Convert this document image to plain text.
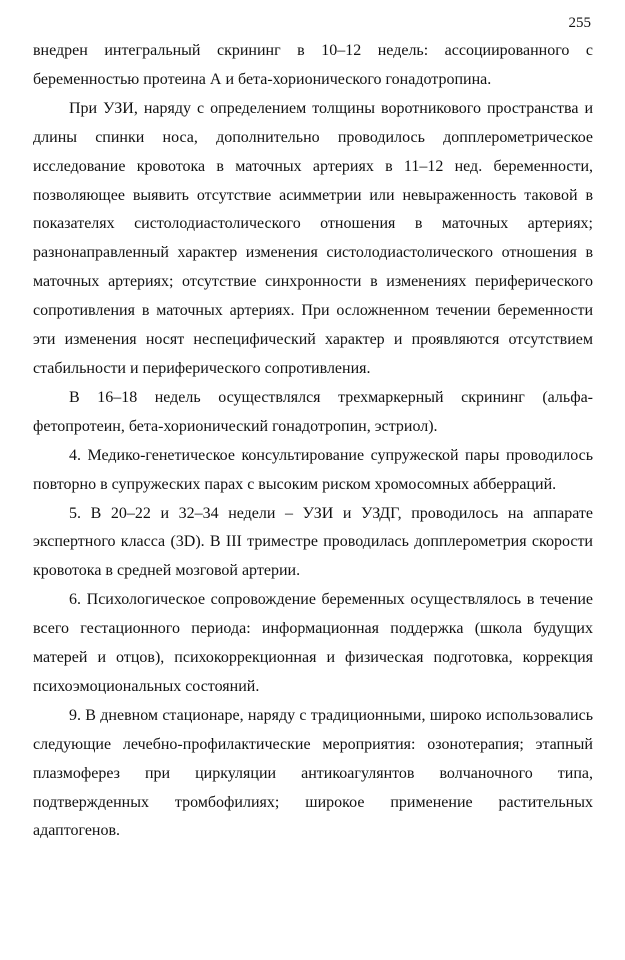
255

внедрен интегральный скрининг в 10–12 недель: ассоциированного с беременностью протеина А и бета-хорионического гонадотропина.

При УЗИ, наряду с определением толщины воротникового пространства и длины спинки носа, дополнительно проводилось допплерометрическое исследование кровотока в маточных артериях в 11–12 нед. беременности, позволяющее выявить отсутствие асимметрии или невыраженность таковой в показателях систолодиастолического отношения в маточных артериях; разнонаправленный характер изменения систолодиастолического отношения в маточных артериях; отсутствие синхронности в изменениях периферического сопротивления в маточных артериях. При осложненном течении беременности эти изменения носят неспецифический характер и проявляются отсутствием стабильности и периферического сопротивления.

В 16–18 недель осуществлялся трехмаркерный скрининг (альфа-фетопротеин, бета-хорионический гонадотропин, эстриол).

4. Медико-генетическое консультирование супружеской пары проводилось повторно в супружеских парах с высоким риском хромосомных абберраций.

5. В 20–22 и 32–34 недели – УЗИ и УЗДГ, проводилось на аппарате экспертного класса (3D). В III триместре проводилась допплерометрия скорости кровотока в средней мозговой артерии.

6. Психологическое сопровождение беременных осуществлялось в течение всего гестационного периода: информационная поддержка (школа будущих матерей и отцов), психокоррекционная и физическая подготовка, коррекция психоэмоциональных состояний.

9. В дневном стационаре, наряду с традиционными, широко использовались следующие лечебно-профилактические мероприятия: озонотерапия; этапный плазмоферез при циркуляции антикоагулянтов волчаночного типа, подтвержденных тромбофилиях; широкое применение растительных адаптогенов.
